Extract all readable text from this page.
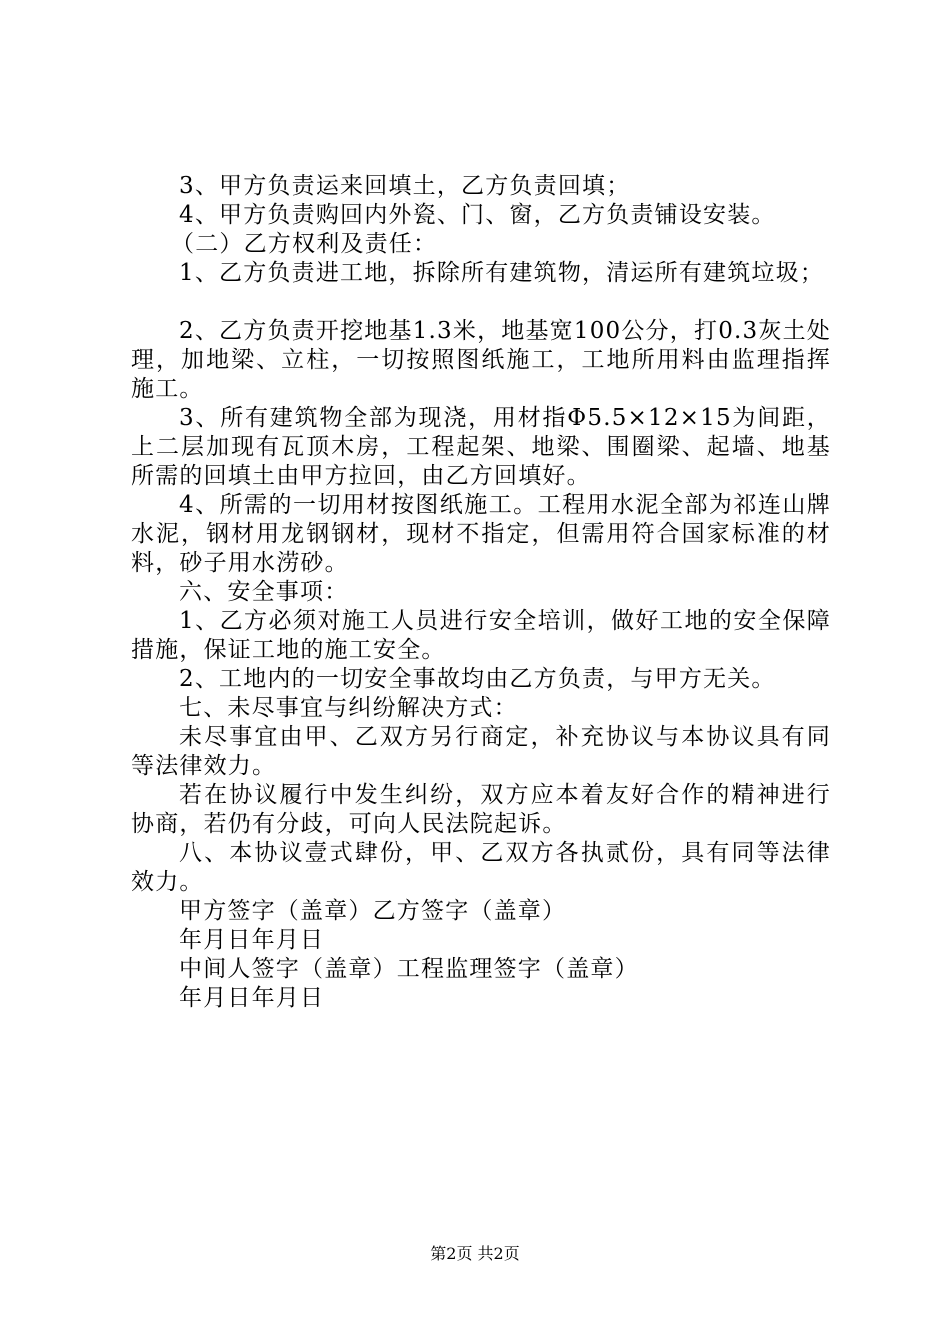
3、甲方负责运来回填土，乙方负责回填；

4、甲方负责购回内外瓷、门、窗，乙方负责铺设安装。

（二）乙方权利及责任：

1、乙方负责进工地，拆除所有建筑物，清运所有建筑垃圾；

2、乙方负责开挖地基1.3米，地基宽100公分，打0.3灰土处理，加地梁、立柱，一切按照图纸施工，工地所用料由监理指挥施工。

3、所有建筑物全部为现浇，用材指Φ5.5×12×15为间距，上二层加现有瓦顶木房，工程起架、地梁、围圈梁、起墙、地基所需的回填土由甲方拉回，由乙方回填好。

4、所需的一切用材按图纸施工。工程用水泥全部为祁连山牌水泥，钢材用龙钢钢材，现材不指定，但需用符合国家标准的材料，砂子用水涝砂。

六、安全事项：

1、乙方必须对施工人员进行安全培训，做好工地的安全保障措施，保证工地的施工安全。

2、工地内的一切安全事故均由乙方负责，与甲方无关。

七、未尽事宜与纠纷解决方式：

未尽事宜由甲、乙双方另行商定，补充协议与本协议具有同等法律效力。

若在协议履行中发生纠纷，双方应本着友好合作的精神进行协商，若仍有分歧，可向人民法院起诉。

八、本协议壹式肆份，甲、乙双方各执贰份，具有同等法律效力。

甲方签字（盖章）乙方签字（盖章）

年月日年月日

中间人签字（盖章）工程监理签字（盖章）

年月日年月日

第2页 共2页
